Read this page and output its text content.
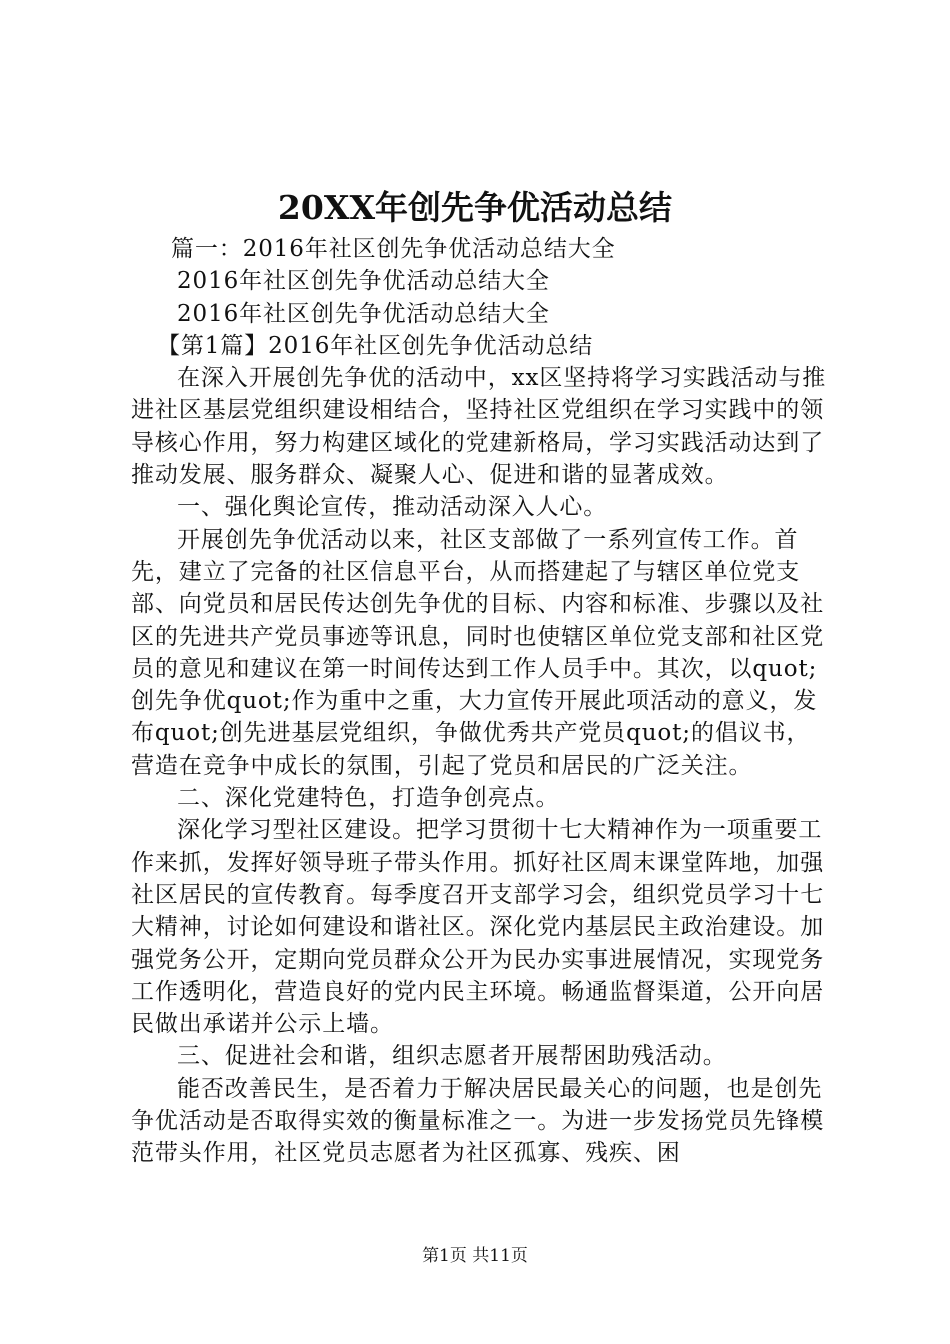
20XX年创先争优活动总结

篇一：2016年社区创先争优活动总结大全

2016年社区创先争优活动总结大全

2016年社区创先争优活动总结大全

【第1篇】2016年社区创先争优活动总结

在深入开展创先争优的活动中，xx区坚持将学习实践活动与推进社区基层党组织建设相结合，坚持社区党组织在学习实践中的领导核心作用，努力构建区域化的党建新格局，学习实践活动达到了推动发展、服务群众、凝聚人心、促进和谐的显著成效。

一、强化舆论宣传，推动活动深入人心。

开展创先争优活动以来，社区支部做了一系列宣传工作。首先，建立了完备的社区信息平台，从而搭建起了与辖区单位党支部、向党员和居民传达创先争优的目标、内容和标准、步骤以及社区的先进共产党员事迹等讯息，同时也使辖区单位党支部和社区党员的意见和建议在第一时间传达到工作人员手中。其次，以quot;创先争优quot;作为重中之重，大力宣传开展此项活动的意义，发布quot;创先进基层党组织，争做优秀共产党员quot;的倡议书，营造在竞争中成长的氛围，引起了党员和居民的广泛关注。

二、深化党建特色，打造争创亮点。

深化学习型社区建设。把学习贯彻十七大精神作为一项重要工作来抓，发挥好领导班子带头作用。抓好社区周末课堂阵地，加强社区居民的宣传教育。每季度召开支部学习会，组织党员学习十七大精神，讨论如何建设和谐社区。深化党内基层民主政治建设。加强党务公开，定期向党员群众公开为民办实事进展情况，实现党务工作透明化，营造良好的党内民主环境。畅通监督渠道，公开向居民做出承诺并公示上墙。

三、促进社会和谐，组织志愿者开展帮困助残活动。

能否改善民生，是否着力于解决居民最关心的问题，也是创先争优活动是否取得实效的衡量标准之一。为进一步发扬党员先锋模范带头作用，社区党员志愿者为社区孤寡、残疾、困

第1页 共11页
